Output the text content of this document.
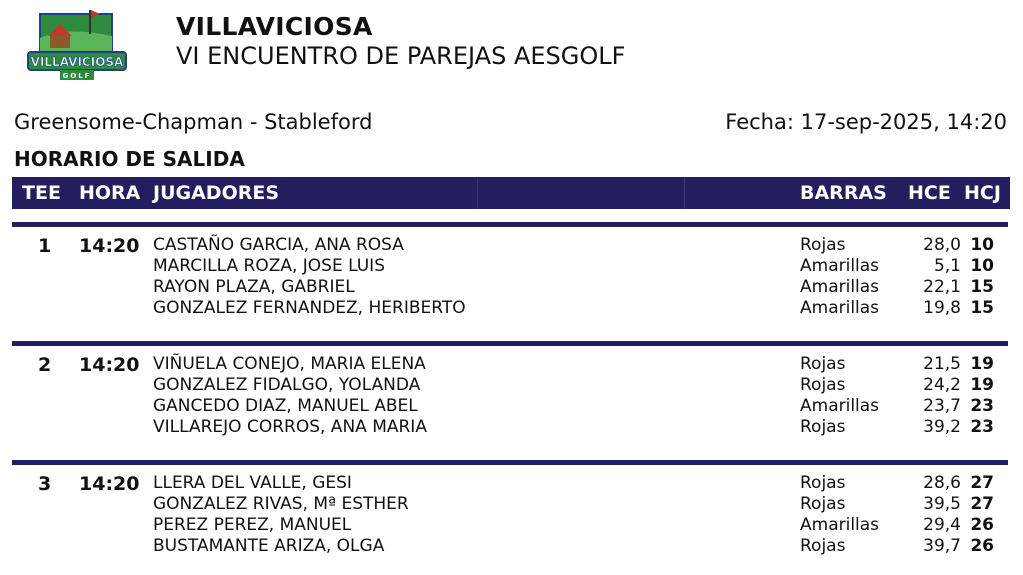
VILLAVICIOSA
GOLF
VILLAVICIOSA
VI ENCUENTRO DE PAREJAS AESGOLF
Greensome-Chapman - Stableford	Fecha: 17-sep-2025, 14:20
HORARIO DE SALIDA
TEE HORA JUGADORES	BARRAS HCE HCJ
1 14:20 CASTAÑO GARCIA, ANA ROSA	Rojas	28,0 10
MARCILLA ROZA, JOSE LUIS	Amarillas	5,1 10
RAYON PLAZA, GABRIEL	Amarillas	22,1 15
GONZALEZ FERNANDEZ, HERIBERTO	Amarillas	19,8 15
2 14:20 VIÑUELA CONEJO, MARIA ELENA	Rojas	21,5 19
GONZALEZ FIDALGO, YOLANDA	Rojas	24,2 19
GANCEDO DIAZ, MANUEL ABEL	Amarillas	23,7 23
VILLAREJO CORROS, ANA MARIA	Rojas	39,2 23
3 14:20 LLERA DEL VALLE, GESI	Rojas	28,6 27
GONZALEZ RIVAS, Mª ESTHER	Rojas	39,5 27
PEREZ PEREZ, MANUEL	Amarillas	29,4 26
BUSTAMANTE ARIZA, OLGA	Rojas	39,7 26
